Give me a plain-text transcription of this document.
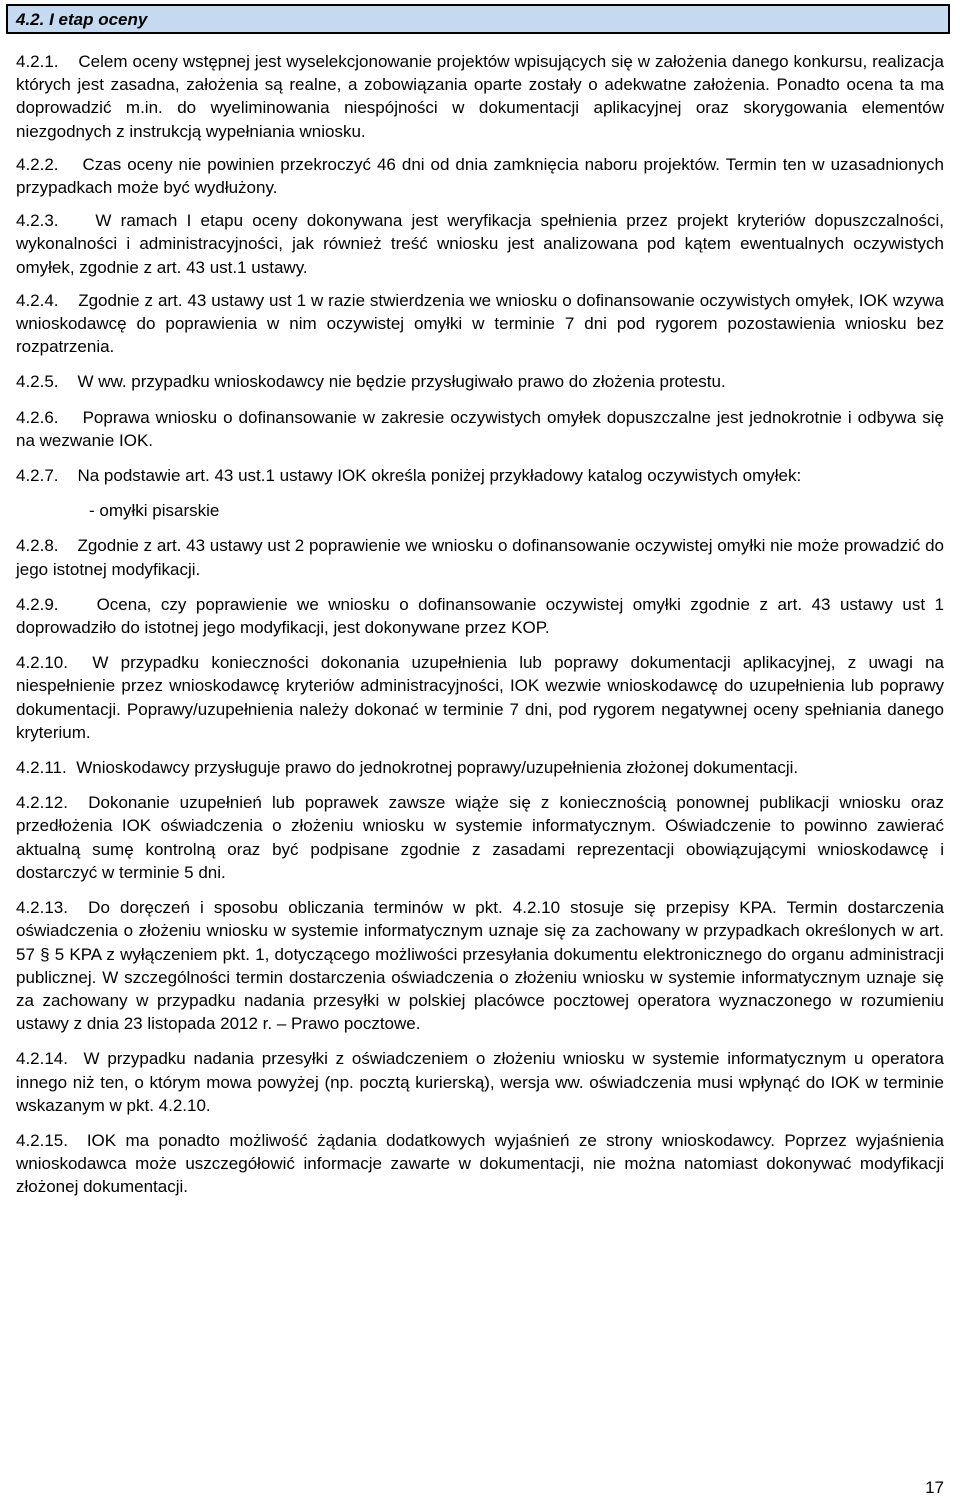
4.2. I etap oceny

4.2.1. Celem oceny wstępnej jest wyselekcjonowanie projektów wpisujących się w założenia danego konkursu, realizacja których jest zasadna, założenia są realne, a zobowiązania oparte zostały o adekwatne założenia. Ponadto ocena ta ma doprowadzić m.in. do wyeliminowania niespójności w dokumentacji aplikacyjnej oraz skorygowania elementów niezgodnych z instrukcją wypełniania wniosku.

4.2.2. Czas oceny nie powinien przekroczyć 46 dni od dnia zamknięcia naboru projektów. Termin ten w uzasadnionych przypadkach może być wydłużony.

4.2.3. W ramach I etapu oceny dokonywana jest weryfikacja spełnienia przez projekt kryteriów dopuszczalności, wykonalności i administracyjności, jak również treść wniosku jest analizowana pod kątem ewentualnych oczywistych omyłek, zgodnie z art. 43 ust.1 ustawy.

4.2.4. Zgodnie z art. 43 ustawy ust 1 w razie stwierdzenia we wniosku o dofinansowanie oczywistych omyłek, IOK wzywa wnioskodawcę do poprawienia w nim oczywistej omyłki w terminie 7 dni pod rygorem pozostawienia wniosku bez rozpatrzenia.

4.2.5. W ww. przypadku wnioskodawcy nie będzie przysługiwało prawo do złożenia protestu.

4.2.6. Poprawa wniosku o dofinansowanie w zakresie oczywistych omyłek dopuszczalne jest jednokrotnie i odbywa się na wezwanie IOK.

4.2.7. Na podstawie art. 43 ust.1 ustawy IOK określa poniżej przykładowy katalog oczywistych omyłek:

- omyłki pisarskie

4.2.8. Zgodnie z art. 43 ustawy ust 2 poprawienie we wniosku o dofinansowanie oczywistej omyłki nie może prowadzić do jego istotnej modyfikacji.

4.2.9. Ocena, czy poprawienie we wniosku o dofinansowanie oczywistej omyłki zgodnie z art. 43 ustawy ust 1 doprowadziło do istotnej jego modyfikacji, jest dokonywane przez KOP.

4.2.10. W przypadku konieczności dokonania uzupełnienia lub poprawy dokumentacji aplikacyjnej, z uwagi na niespełnienie przez wnioskodawcę kryteriów administracyjności, IOK wezwie wnioskodawcę do uzupełnienia lub poprawy dokumentacji. Poprawy/uzupełnienia należy dokonać w terminie 7 dni, pod rygorem negatywnej oceny spełniania danego kryterium.

4.2.11. Wnioskodawcy przysługuje prawo do jednokrotnej poprawy/uzupełnienia złożonej dokumentacji.

4.2.12. Dokonanie uzupełnień lub poprawek zawsze wiąże się z koniecznością ponownej publikacji wniosku oraz przedłożenia IOK oświadczenia o złożeniu wniosku w systemie informatycznym. Oświadczenie to powinno zawierać aktualną sumę kontrolną oraz być podpisane zgodnie z zasadami reprezentacji obowiązującymi wnioskodawcę i dostarczyć w terminie 5 dni.

4.2.13. Do doręczeń i sposobu obliczania terminów w pkt. 4.2.10 stosuje się przepisy KPA. Termin dostarczenia oświadczenia o złożeniu wniosku w systemie informatycznym uznaje się za zachowany w przypadkach określonych w art. 57 § 5 KPA z wyłączeniem pkt. 1, dotyczącego możliwości przesyłania dokumentu elektronicznego do organu administracji publicznej. W szczególności termin dostarczenia oświadczenia o złożeniu wniosku w systemie informatycznym uznaje się za zachowany w przypadku nadania przesyłki w polskiej placówce pocztowej operatora wyznaczonego w rozumieniu ustawy z dnia 23 listopada 2012 r. – Prawo pocztowe.

4.2.14. W przypadku nadania przesyłki z oświadczeniem o złożeniu wniosku w systemie informatycznym u operatora innego niż ten, o którym mowa powyżej (np. pocztą kurierską), wersja ww. oświadczenia musi wpłynąć do IOK w terminie wskazanym w pkt. 4.2.10.

4.2.15. IOK ma ponadto możliwość żądania dodatkowych wyjaśnień ze strony wnioskodawcy. Poprzez wyjaśnienia wnioskodawca może uszczegółowić informacje zawarte w dokumentacji, nie można natomiast dokonywać modyfikacji złożonej dokumentacji.

17
